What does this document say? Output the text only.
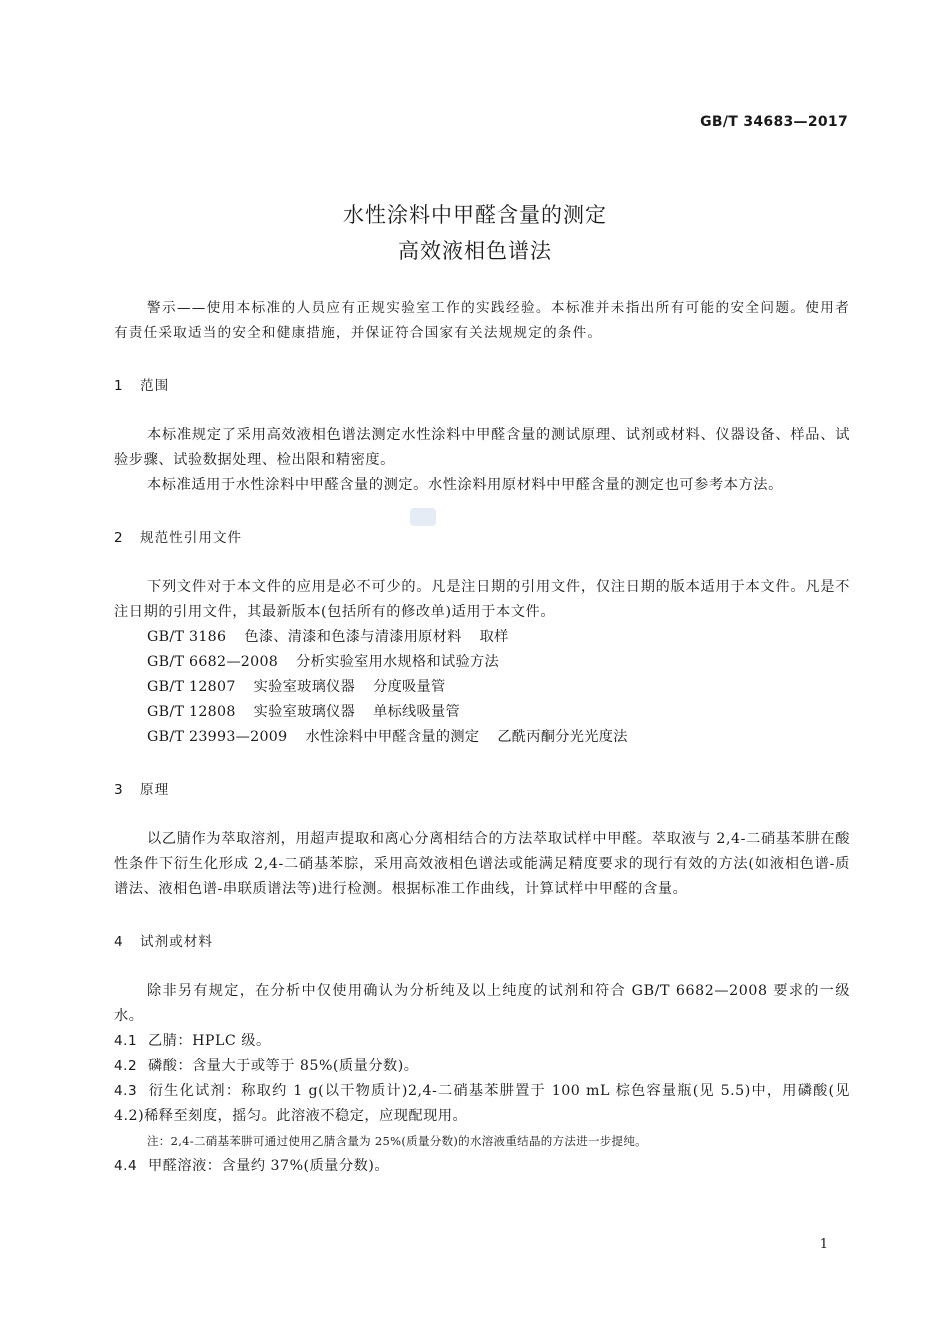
GB/T 34683—2017
水性涂料中甲醛含量的测定
高效液相色谱法

警示——使用本标准的人员应有正规实验室工作的实践经验。本标准并未指出所有可能的安全问题。使用者有责任采取适当的安全和健康措施，并保证符合国家有关法规规定的条件。

1 范围

本标准规定了采用高效液相色谱法测定水性涂料中甲醛含量的测试原理、试剂或材料、仪器设备、样品、试验步骤、试验数据处理、检出限和精密度。

本标准适用于水性涂料中甲醛含量的测定。水性涂料用原材料中甲醛含量的测定也可参考本方法。

2 规范性引用文件

下列文件对于本文件的应用是必不可少的。凡是注日期的引用文件，仅注日期的版本适用于本文件。凡是不注日期的引用文件，其最新版本(包括所有的修改单)适用于本文件。

GB/T 3186 色漆、清漆和色漆与清漆用原材料 取样

GB/T 6682—2008 分析实验室用水规格和试验方法

GB/T 12807 实验室玻璃仪器 分度吸量管

GB/T 12808 实验室玻璃仪器 单标线吸量管

GB/T 23993—2009 水性涂料中甲醛含量的测定 乙酰丙酮分光光度法

3 原理

以乙腈作为萃取溶剂，用超声提取和离心分离相结合的方法萃取试样中甲醛。萃取液与 2,4-二硝基苯肼在酸性条件下衍生化形成 2,4-二硝基苯腙，采用高效液相色谱法或能满足精度要求的现行有效的方法(如液相色谱-质谱法、液相色谱-串联质谱法等)进行检测。根据标准工作曲线，计算试样中甲醛的含量。

4 试剂或材料

除非另有规定，在分析中仅使用确认为分析纯及以上纯度的试剂和符合 GB/T 6682—2008 要求的一级水。

4.1 乙腈：HPLC 级。

4.2 磷酸：含量大于或等于 85%(质量分数)。

4.3 衍生化试剂：称取约 1 g(以干物质计)2,4-二硝基苯肼置于 100 mL 棕色容量瓶(见 5.5)中，用磷酸(见 4.2)稀释至刻度，摇匀。此溶液不稳定，应现配现用。

注：2,4-二硝基苯肼可通过使用乙腈含量为 25%(质量分数)的水溶液重结晶的方法进一步提纯。

4.4 甲醛溶液：含量约 37%(质量分数)。

1
